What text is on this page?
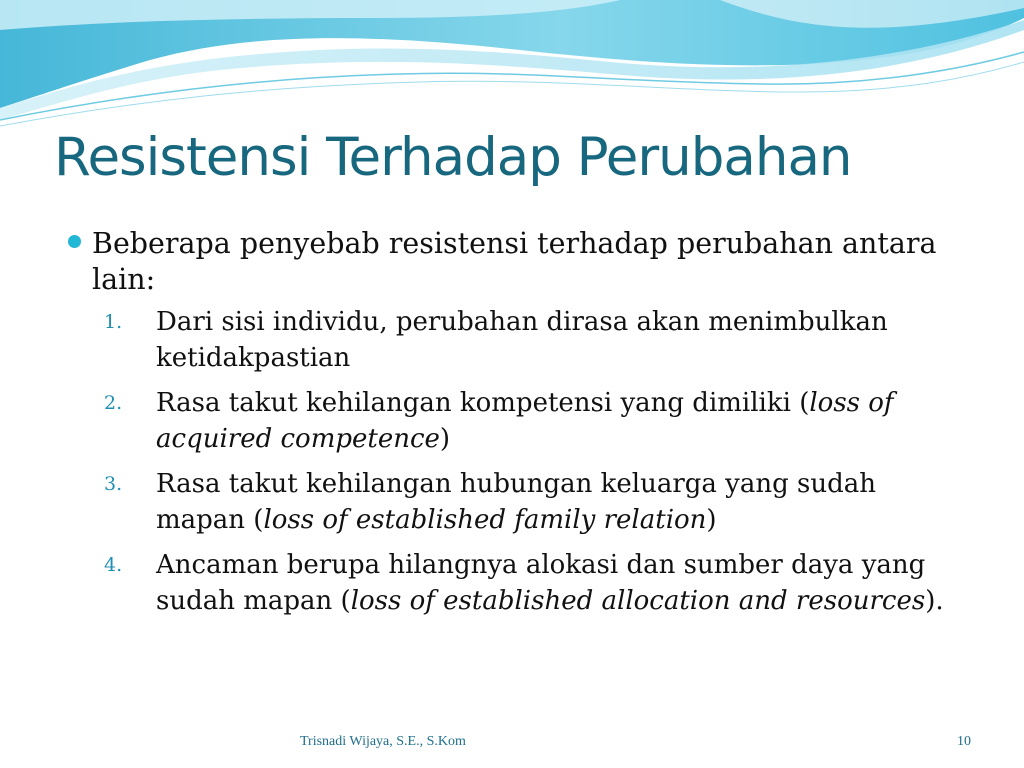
Resistensi Terhadap Perubahan
Beberapa penyebab resistensi terhadap perubahan antara lain:
1. Dari sisi individu, perubahan dirasa akan menimbulkan ketidakpastian
2. Rasa takut kehilangan kompetensi yang dimiliki (loss of acquired competence)
3. Rasa takut kehilangan hubungan keluarga yang sudah mapan (loss of established family relation)
4. Ancaman berupa hilangnya alokasi dan sumber daya yang sudah mapan (loss of established allocation and resources).
Trisnadi Wijaya, S.E., S.Kom	10
